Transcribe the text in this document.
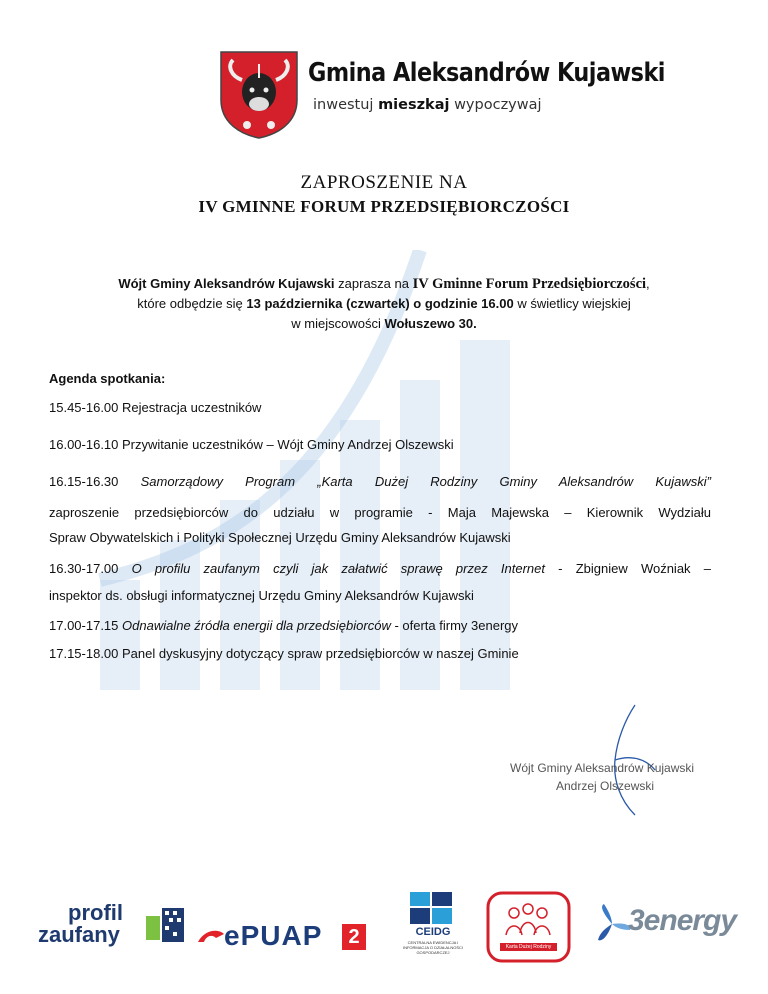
Gmina Aleksandrów Kujawski
inwestuj mieszkaj wypoczywaj
ZAPROSZENIE NA
IV GMINNE FORUM PRZEDSIĘBIORCZOŚCI
Wójt Gminy Aleksandrów Kujawski zaprasza na IV Gminne Forum Przedsiębiorczości,
które odbędzie się 13 października (czwartek) o godzinie 16.00 w świetlicy wiejskiej
w miejscowości Wołuszewo 30.
Agenda spotkania:
15.45-16.00 Rejestracja uczestników
16.00-16.10 Przywitanie uczestników – Wójt Gminy Andrzej Olszewski
16.15-16.30 Samorządowy Program „Karta Dużej Rodziny Gminy Aleksandrów Kujawski”
zaproszenie przedsiębiorców do udziału w programie - Maja Majewska – Kierownik Wydziału
Spraw Obywatelskich i Polityki Społecznej Urzędu Gminy Aleksandrów Kujawski
16.30-17.00 O profilu zaufanym czyli jak załatwić sprawę przez Internet - Zbigniew Woźniak –
inspektor ds. obsługi informatycznej Urzędu Gminy Aleksandrów Kujawski
17.00-17.15 Odnawialne źródła energii dla przedsiębiorców - oferta firmy 3energy
17.15-18.00 Panel dyskusyjny dotyczący spraw przedsiębiorców w naszej Gminie
Wójt Gminy Aleksandrów Kujawski
Andrzej Olszewski
profil
zaufany	ePUAP	2	CEIDG
CENTRALNA EWIDENCJA I INFORMACJA O DZIAŁALNOŚCI GOSPODARCZEJ
Karta Dużej Rodziny
3energy
